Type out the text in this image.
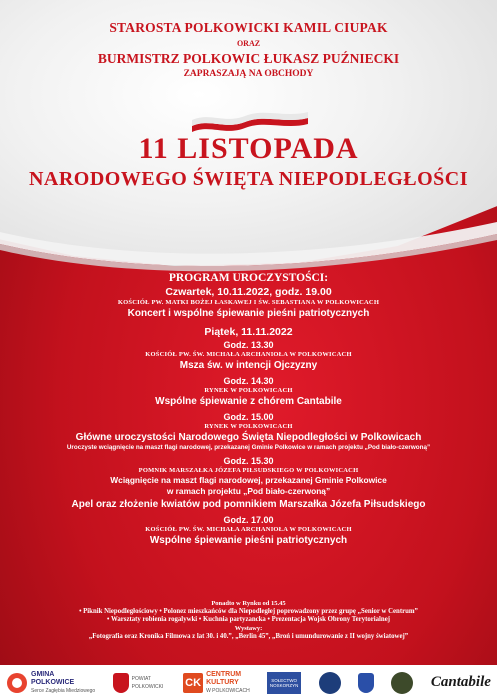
STAROSTA POLKOWICKI KAMIL CIUPAK
ORAZ
BURMISTRZ POLKOWIC ŁUKASZ PUŹNIECKI
ZAPRASZAJĄ NA OBCHODY
11 LISTOPADA
NARODOWEGO ŚWIĘTA NIEPODLEGŁOŚCI
PROGRAM UROCZYSTOŚCI:
Czwartek, 10.11.2022, godz. 19.00
KOŚCIÓŁ PW. MATKI BOŻEJ ŁASKAWEJ I ŚW. SEBASTIANA W POLKOWICACH
Koncert i wspólne śpiewanie pieśni patriotycznych
Piątek, 11.11.2022
Godz. 13.30
KOŚCIÓŁ PW. ŚW. MICHAŁA ARCHANIOŁA W POLKOWICACH
Msza św. w intencji Ojczyzny
Godz. 14.30
RYNEK W POLKOWICACH
Wspólne śpiewanie z chórem Cantabile
Godz. 15.00
RYNEK W POLKOWICACH
Główne uroczystości Narodowego Święta Niepodległości w Polkowicach
Uroczyste wciągnięcie na maszt flagi narodowej, przekazanej Gminie Polkowice w ramach projektu „Pod biało-czerwoną”
Godz. 15.30
POMNIK MARSZAŁKA JÓZEFA PIŁSUDSKIEGO W POLKOWICACH
Wciągnięcie na maszt flagi narodowej, przekazanej Gminie Polkowice
w ramach projektu „Pod biało-czerwoną”
Apel oraz złożenie kwiatów pod pomnikiem Marszałka Józefa Piłsudskiego
Godz. 17.00
KOŚCIÓŁ PW. ŚW. MICHAŁA ARCHANIOŁA W POLKOWICACH
Wspólne śpiewanie pieśni patriotycznych
Ponadto w Rynku od 15.45
• Piknik Niepodległościowy • Polonez mieszkańców dla Niepodległej poprowadzony przez grupę „Senior w Centrum”
• Warsztaty robienia rogalywki • Kuchnia partyzancka • Prezentacja Wojsk Obrony Terytorialnej
Wystawy:
„Fotografia oraz Kronika Filmowa z lat 30. i 40.”, „Berlin 45”, „Broń i umundurowanie z II wojny światowej”
GMINA
POLKOWICE
Serce Zagłębia Miedziowego
POWIAT POLKOWICKI CK
CENTRUM
KULTURY
W POLKOWICACH
SOŁECTWO NOSKORZYN	Cantabile
